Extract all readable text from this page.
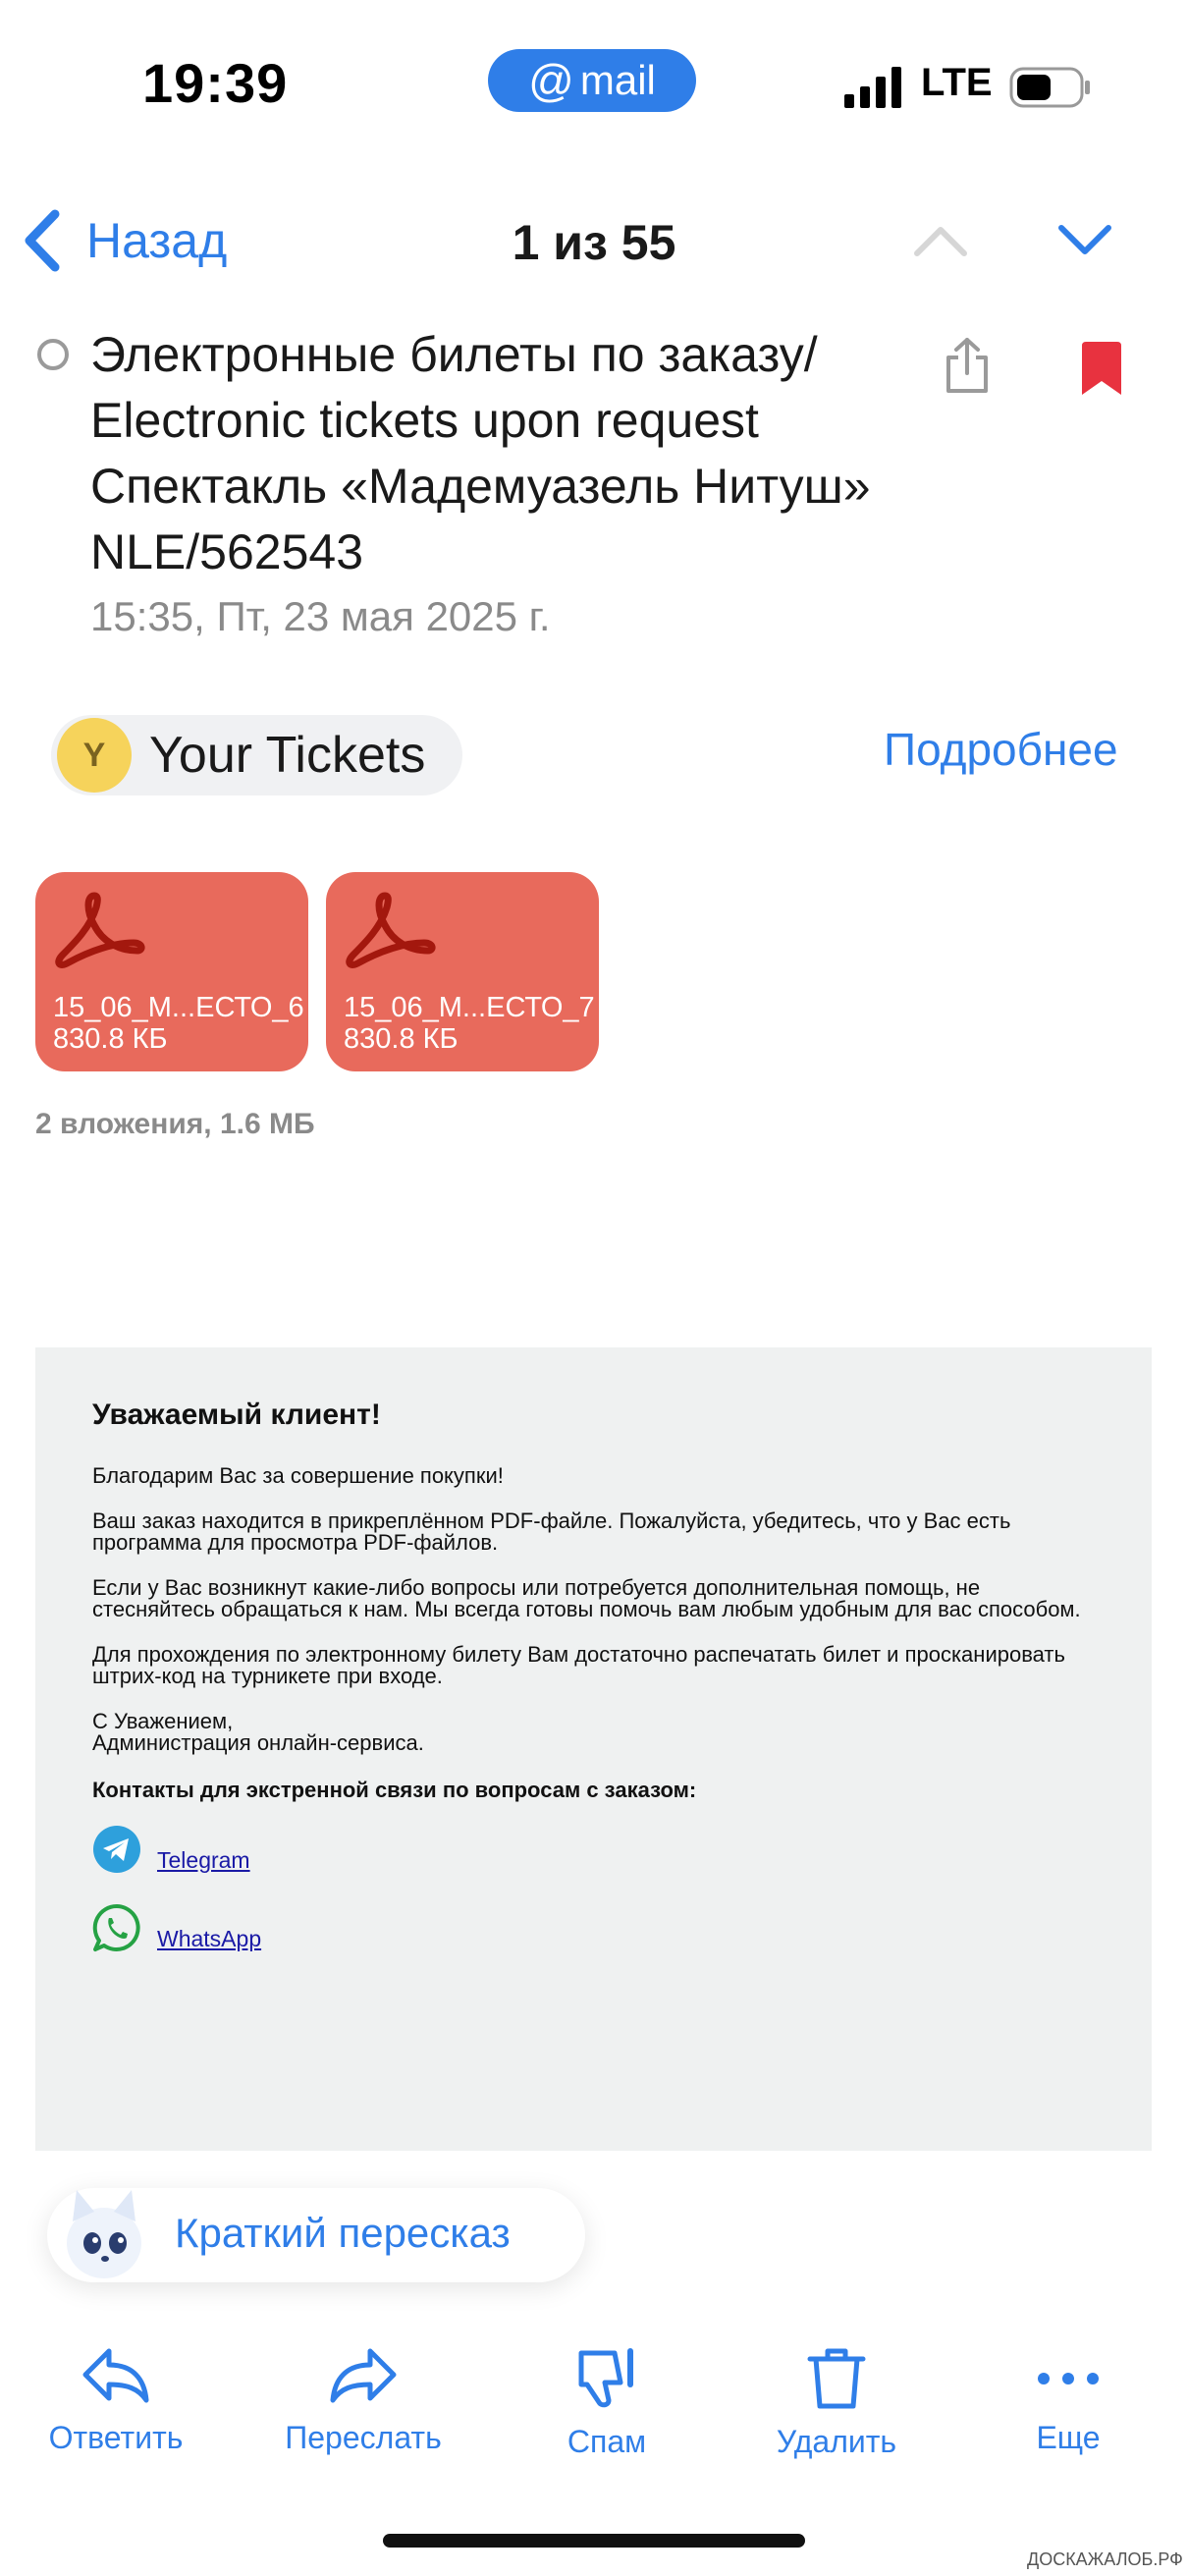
19:39	@ mail	LTE
Назад	1 из 55
Электронные билеты по заказу/ Electronic tickets upon request Спектакль «Мадемуазель Нитуш» NLE/562543
15:35, Пт, 23 мая 2025 г.
Y Your Tickets	Подробнее
15_06_М...ЕСТО_6
830.8 КБ
15_06_М...ЕСТО_7
830.8 КБ
2 вложения, 1.6 МБ
Уважаемый клиент!
Благодарим Вас за совершение покупки!
Ваш заказ находится в прикреплённом PDF-файле. Пожалуйста, убедитесь, что у Вас есть программа для просмотра PDF-файлов.
Если у Вас возникнут какие-либо вопросы или потребуется дополнительная помощь, не стесняйтесь обращаться к нам. Мы всегда готовы помочь вам любым удобным для вас способом.
Для прохождения по электронному билету Вам достаточно распечатать билет и просканировать штрих-код на турникете при входе.
С Уважением,
Администрация онлайн-сервиса.
Контакты для экстренной связи по вопросам с заказом:
Telegram
WhatsApp
Краткий пересказ
Ответить	Переслать	Спам	Удалить	Еще
ДОСКАЖАЛОБ.РФ
